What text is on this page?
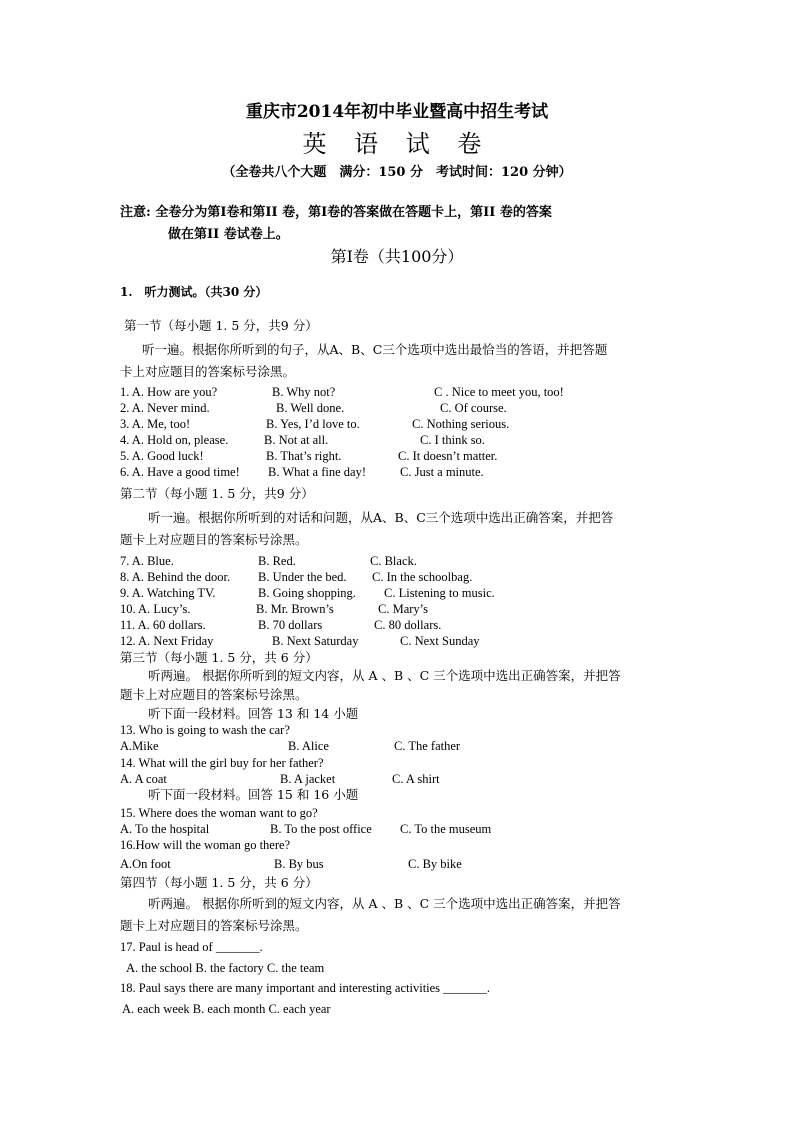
重庆市2014年初中毕业暨高中招生考试
英 语 试 卷
（全卷共八个大题　满分：150 分　考试时间：120 分钟）
注意: 全卷分为第Ⅰ卷和第II 卷，第Ⅰ卷的答案做在答题卡上，第II 卷的答案
做在第II 卷试卷上。
第Ⅰ卷（共100分）
1.　听力测试。（共30 分）
第一节（每小题 1. 5 分，共9 分）
听一遍。根据你所听到的句子，从A、B、C三个选项中选出最恰当的答语，并把答题
卡上对应题目的答案标号涂黑。
1. A. How are you?	B. Why not?	C . Nice to meet you, too!
2. A. Never mind.	B. Well done.	C. Of course.
3. A. Me, too!	B. Yes, I’d love to.	C. Nothing serious.
4. A. Hold on, please.	B. Not at all.	C. I think so.
5. A. Good luck!	B. That’s right.	C. It doesn’t matter.
6. A. Have a good time! B. What a fine day!	C. Just a minute.
第二节（每小题 1. 5 分，共9 分）
听一遍。根据你所听到的对话和问题，从A、B、C三个选项中选出正确答案，并把答
题卡上对应题目的答案标号涂黑。
7. A. Blue.	B. Red.	C. Black.
8. A. Behind the door. B. Under the bed. C. In the schoolbag.
9. A. Watching TV.	B. Going shopping. C. Listening to music.
10. A. Lucy’s.	B. Mr. Brown’s	C. Mary’s
11. A. 60 dollars.	B. 70 dollars	C. 80 dollars.
12. A. Next Friday	B. Next Saturday	C. Next Sunday
第三节（每小题 1. 5 分，共 6 分）
听两遍。 根据你所听到的短文内容，从 A 、B 、C 三个选项中选出正确答案，并把答
题卡上对应题目的答案标号涂黑。
听下面一段材料。回答 13 和 14 小题
13. Who is going to wash the car?
A.Mike	B. Alice	C. The father
14. What will the girl buy for her father?
A. A coat	B. A jacket	C. A shirt
听下面一段材料。回答 15 和 16 小题
15. Where does the woman want to go?
A. To the hospital	B. To the post office C. To the museum
16.How will the woman go there?
A.On foot	B. By bus	C. By bike
第四节（每小题 1. 5 分，共 6 分）
听两遍。 根据你所听到的短文内容，从 A 、B 、C 三个选项中选出正确答案，并把答
题卡上对应题目的答案标号涂黑。
17. Paul is head of _______.
A. the school B. the factory C. the team
18. Paul says there are many important and interesting activities _______.
A. each week B. each month C. each year
